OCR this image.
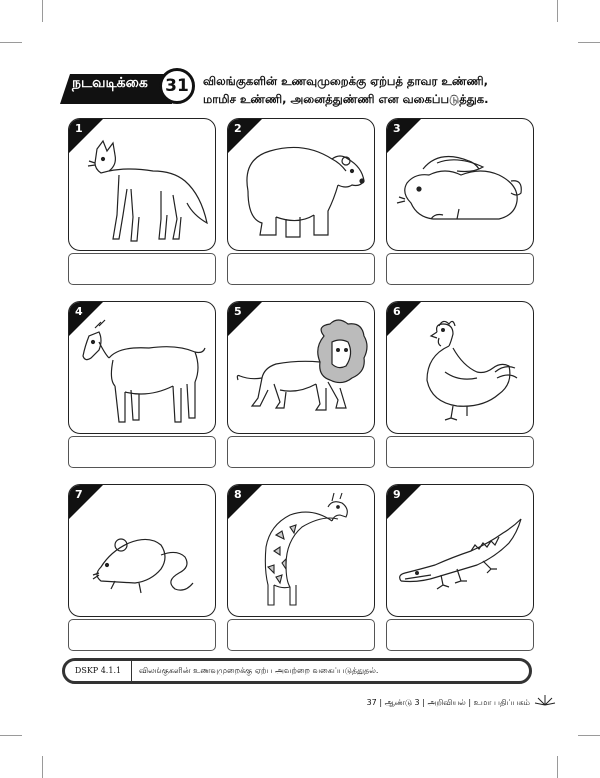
நடவடிக்கை	31	விலங்குகளின் உணவுமுறைக்கு ஏற்பத் தாவர உண்ணி,
மாமிச உண்ணி, அனைத்துண்ணி என வகைப்படுத்துக.
1	2	3
4	5	6
7	8	9
DSKP 4.1.1	விலங்குகளின் உணவுமுறைக்கு ஏற்ப அவற்றை வகைப்படுத்துதல்.
37 | ஆண்டு 3 | அறிவியல் | உமா பதிப்பகம்
